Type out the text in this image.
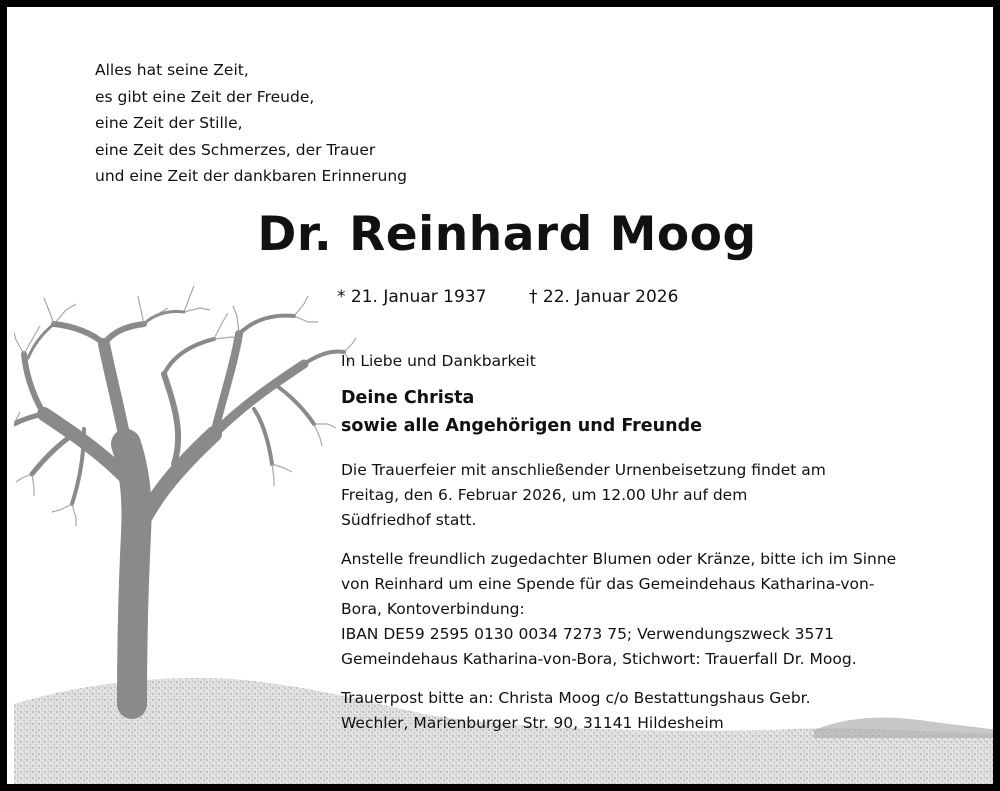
Alles hat seine Zeit,
es gibt eine Zeit der Freude,
eine Zeit der Stille,
eine Zeit des Schmerzes, der Trauer
und eine Zeit der dankbaren Erinnerung
Dr. Reinhard Moog
* 21. Januar 1937	† 22. Januar 2026

In Liebe und Dankbarkeit

Deine Christa

sowie alle Angehörigen und Freunde

Die Trauerfeier mit anschließender Urnenbeisetzung findet am

Freitag, den 6. Februar 2026, um 12.00 Uhr auf dem

Südfriedhof statt.

Anstelle freundlich zugedachter Blumen oder Kränze, bitte ich im Sinne

von Reinhard um eine Spende für das Gemeindehaus Katharina-von-

Bora, Kontoverbindung:

IBAN DE59 2595 0130 0034 7273 75; Verwendungszweck 3571

Gemeindehaus Katharina-von-Bora, Stichwort: Trauerfall Dr. Moog.

Trauerpost bitte an: Christa Moog c/o Bestattungshaus Gebr.

Wechler, Marienburger Str. 90, 31141 Hildesheim
